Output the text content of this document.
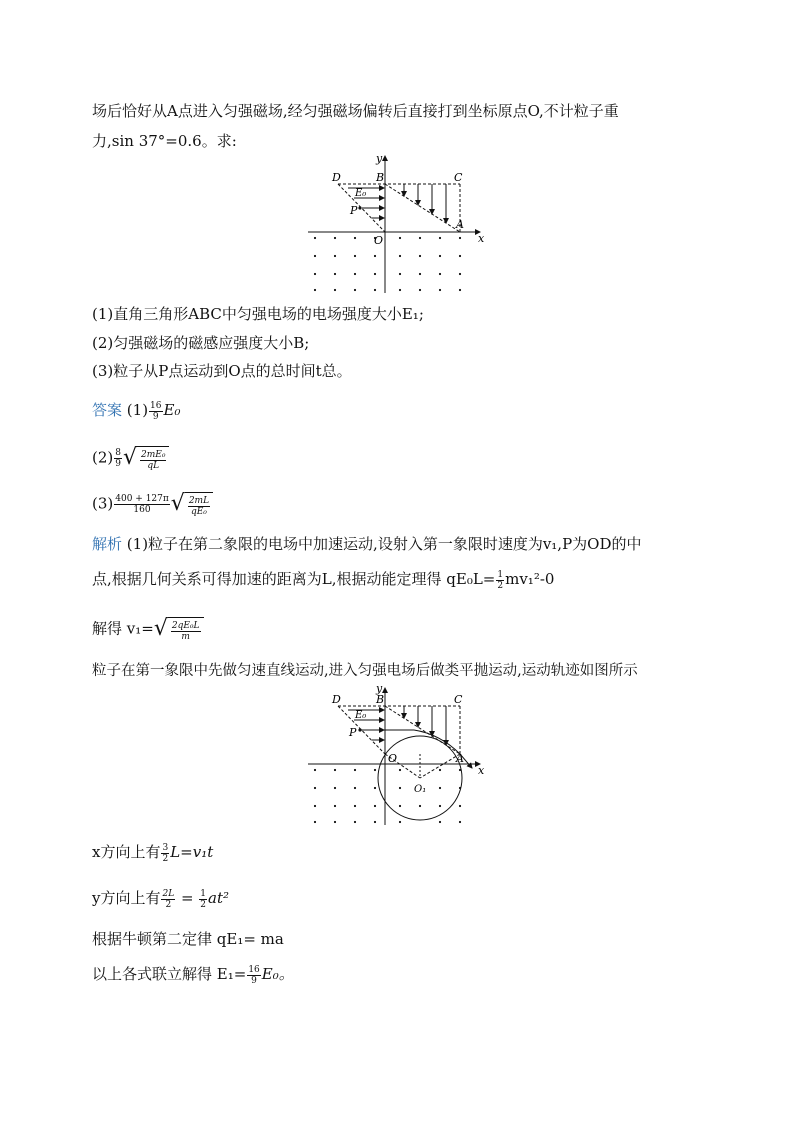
场后恰好从A点进入匀强磁场,经匀强磁场偏转后直接打到坐标原点O,不计粒子重
力,sin 37°=0.6。求:
y
x
D	B	C
A
E₀
P
O
(1)直角三角形ABC中匀强电场的电场强度大小E₁;
(2)匀强磁场的磁感应强度大小B;
(3)粒子从P点运动到O点的总时间t总。
答案 $(1) \frac{16}{9} E_0$
$(2) \frac{8}{9}$ √ $\frac{\text{2mE₀}}{qL}$
$(3) \frac{400 + 127\pi}{160}$ √ $\frac{2mL}{\text{qE₀}}$
解析 (1)粒子在第二象限的电场中加速运动,设射入第一象限时速度为v₁,P为OD的中
点,根据几何关系可得加速的距离为L,根据动能定理得 $qE_0L= \frac{1}{2} mv_1^2-0$
解得 v₁= √ $\frac{\text{2qE₀L}}{m}$
粒子在第一象限中先做匀速直线运动,进入匀强电场后做类平抛运动,运动轨迹如图所示
y
x
D	B	C
A
E₀
P
O
O₁
x方向上有 $\frac{3}{2} L=v_1t$
y方向上有 $\frac{2L}{2} = \frac{1}{2} at^2$
根据牛顿第二定律 qE₁= ma
以上各式联立解得 $E_1= \frac{16}{9} E_0$。
